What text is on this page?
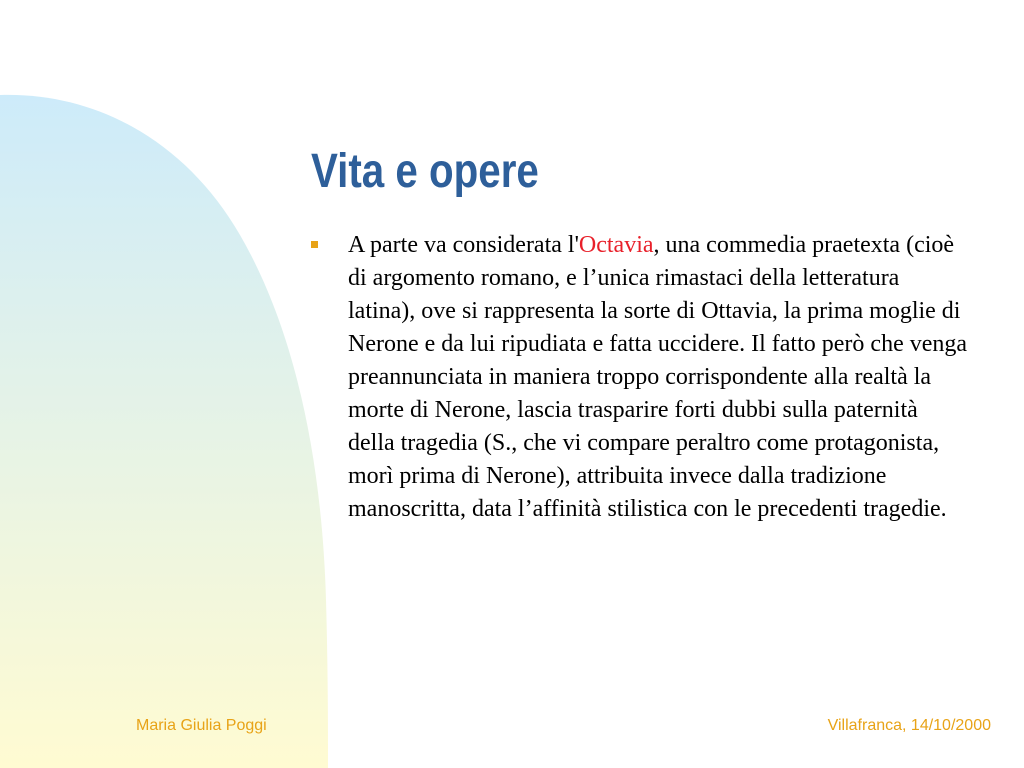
Vita e opere

A parte va considerata l'Octavia, una commedia praetexta (cioè di argomento romano, e l’unica rimastaci della letteratura latina), ove si rappresenta la sorte di Ottavia, la prima moglie di Nerone e da lui ripudiata e fatta uccidere. Il fatto però che venga preannunciata in maniera troppo corrispondente alla realtà la morte di Nerone, lascia trasparire forti dubbi sulla paternità della tragedia (S., che vi compare peraltro come protagonista, morì prima di Nerone), attribuita invece dalla tradizione manoscritta, data l’affinità stilistica con le precedenti tragedie.

Maria Giulia Poggi	Villafranca, 14/10/2000
